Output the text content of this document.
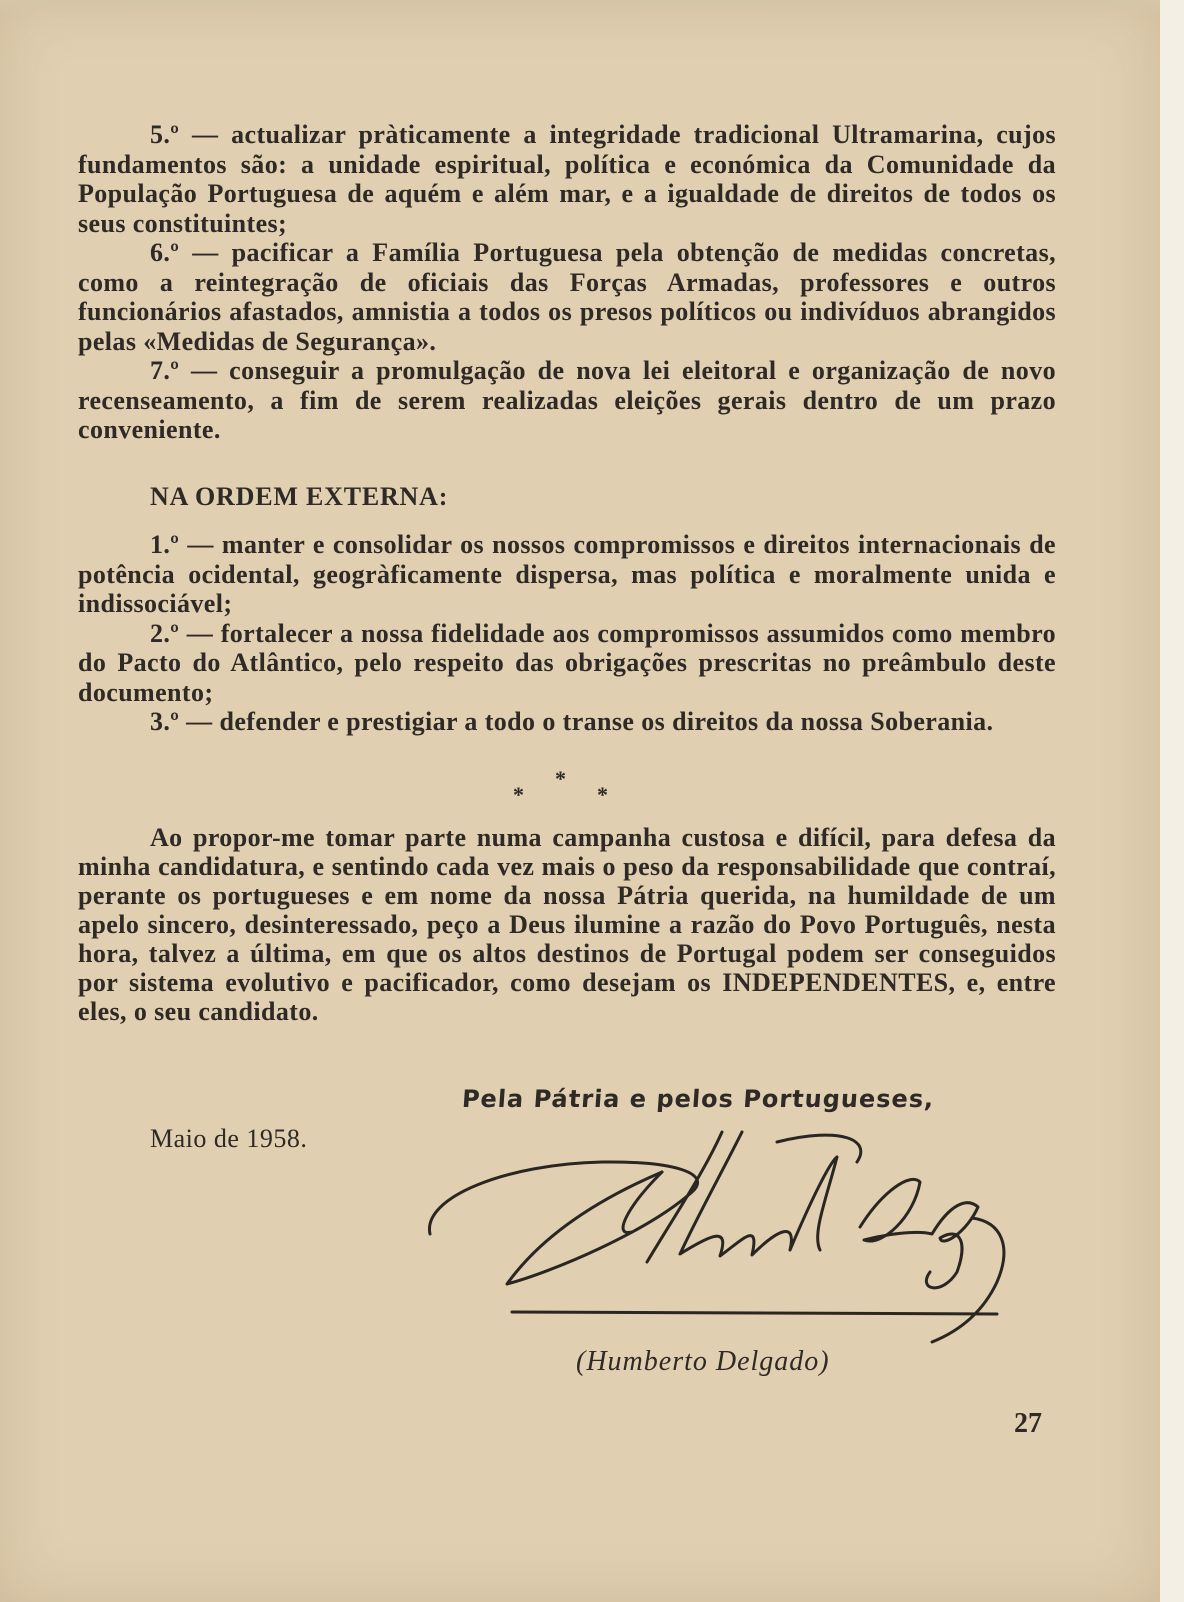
5.º — actualizar pràticamente a integridade tradicional Ultramarina, cujos fundamentos são: a unidade espiritual, política e económica da Comunidade da População Portuguesa de aquém e além mar, e a igualdade de direitos de todos os seus constituintes;

6.º — pacificar a Família Portuguesa pela obtenção de medidas concretas, como a reintegração de oficiais das Forças Armadas, professores e outros funcionários afastados, amnistia a todos os presos políticos ou indivíduos abrangidos pelas «Medidas de Segurança».

7.º — conseguir a promulgação de nova lei eleitoral e organização de novo recenseamento, a fim de serem realizadas eleições gerais dentro de um prazo conveniente.

NA ORDEM EXTERNA:

1.º — manter e consolidar os nossos compromissos e direitos internacionais de potência ocidental, geogràficamente dispersa, mas política e moralmente unida e indissociável;

2.º — fortalecer a nossa fidelidade aos compromissos assumidos como membro do Pacto do Atlântico, pelo respeito das obrigações prescritas no preâmbulo deste documento;

3.º — defender e prestigiar a todo o transe os direitos da nossa Soberania.

*
*	*

Ao propor-me tomar parte numa campanha custosa e difícil, para defesa da minha candidatura, e sentindo cada vez mais o peso da responsabilidade que contraí, perante os portugueses e em nome da nossa Pátria querida, na humildade de um apelo sincero, desinteressado, peço a Deus ilumine a razão do Povo Português, nesta hora, talvez a última, em que os altos destinos de Portugal podem ser conseguidos por sistema evolutivo e pacificador, como desejam os INDEPENDENTES, e, entre eles, o seu candidato.

Pela Pátria e pelos Portugueses,
Maio de 1958.
(Humberto Delgado)
27
